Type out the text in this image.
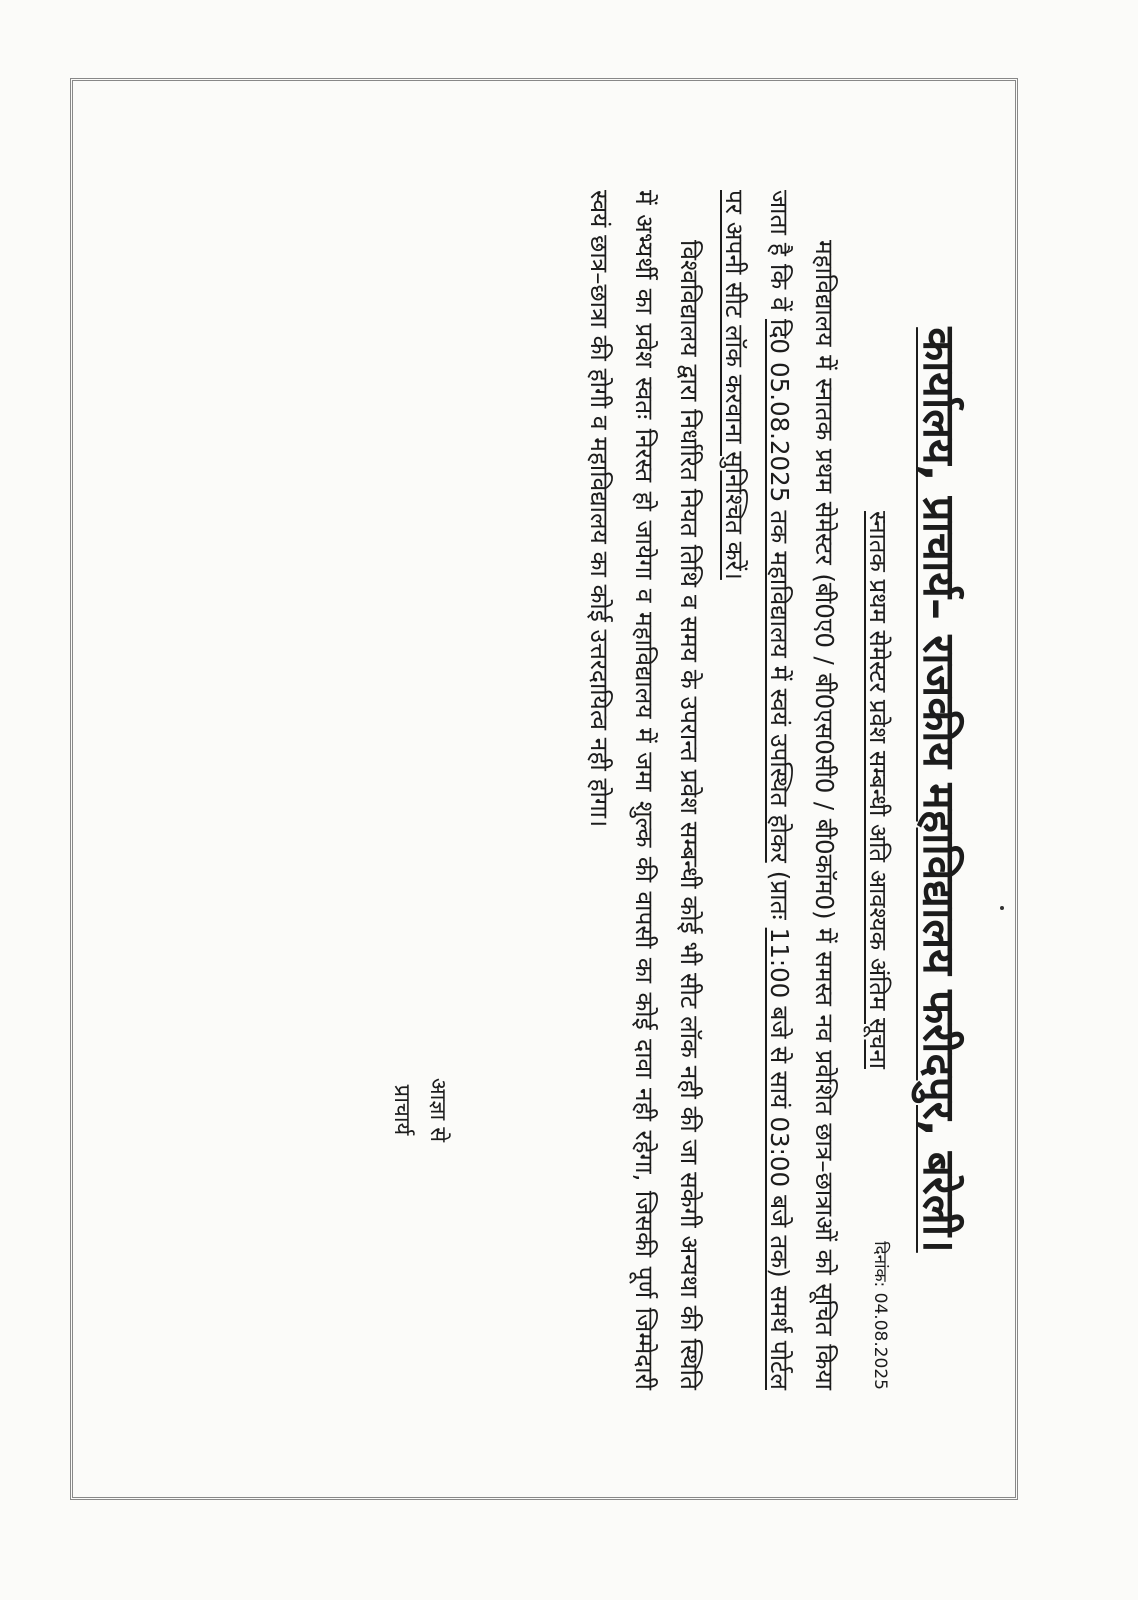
कार्यालय, प्राचार्य– राजकीय महाविद्यालय फरीदपुर, बरेली।
दिनांक: 04.08.2025
स्नातक प्रथम सेमेस्टर प्रवेश सम्बन्धी अति आवश्यक अंतिम सूचना

महाविद्यालय में स्नातक प्रथम सेमेस्टर (बी0ए0 / बी0एस0सी0 / बी0कॉम0) में समस्त नव प्रवेशित छात्र–छात्राओं को सूचित किया जाता है कि वें दि0 05.08.2025 तक महाविद्यालय में स्वयं उपस्थित होकर (प्रातः 11:00 बजे से सायं 03:00 बजे तक) समर्थ पोर्टल पर अपनी सीट लॉक करवाना सुनिश्चित करें।

विश्वविद्यालय द्वारा निर्धारित नियत तिथि व समय के उपरान्त प्रवेश सम्बन्धी कोई भी सीट लॉक नही की जा सकेगी अन्यथा की स्थिति में अभ्यर्थी का प्रवेश स्वतः निरस्त हो जायेगा व महाविद्यालय में जमा शुल्क की वापसी का कोई दावा नही रहेगा, जिसकी पूर्ण जिम्मेदारी स्वयं छात्र–छात्रा की होगी व महाविद्यालय का कोई उत्तरदायित्व नही होगा।

आज्ञा से
प्राचार्य
